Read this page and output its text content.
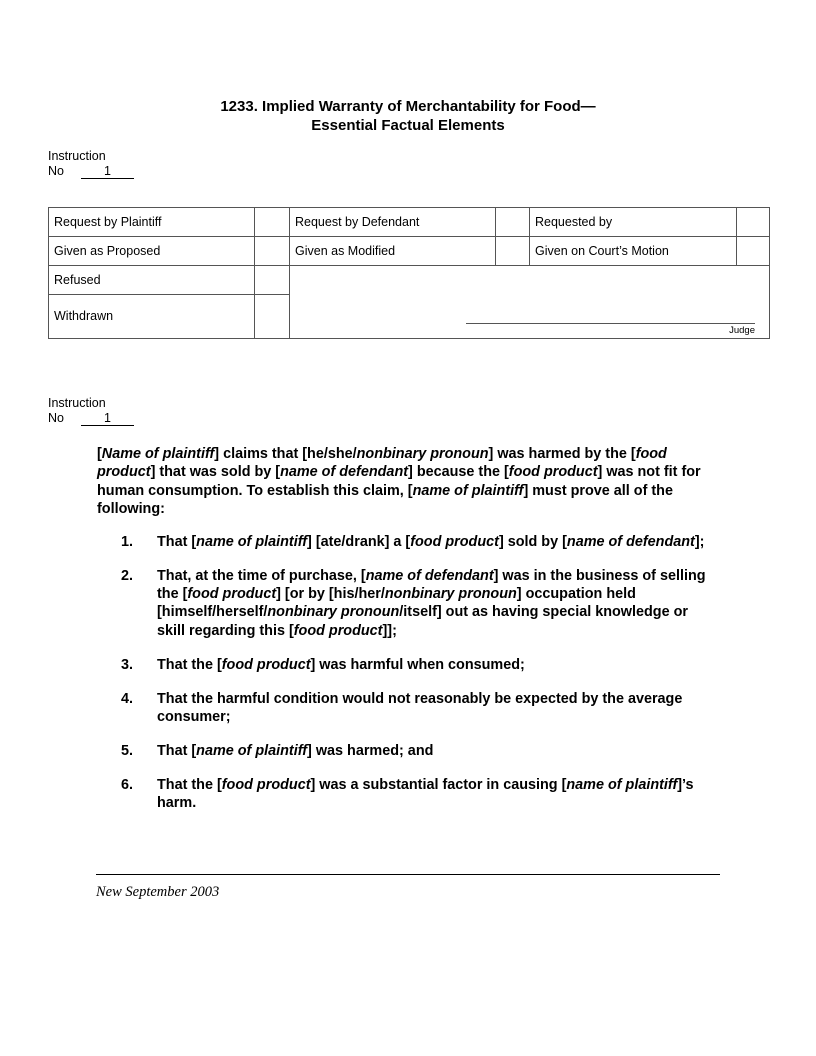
1233. Implied Warranty of Merchantability for Food—
Essential Factual Elements
Instruction
No	1
Request by Plaintiff		Request by Defendant		Requested by	
Given as Proposed		Given as Modified		Given on Court’s Motion	
Refused		Judge			

Withdrawn					
Instruction
No	1

[Name of plaintiff] claims that [he/she/nonbinary pronoun] was harmed by the [food product] that was sold by [name of defendant] because the [food product] was not fit for human consumption. To establish this claim, [name of plaintiff] must prove all of the following:

1.	That [name of plaintiff] [ate/drank] a [food product] sold by [name of defendant];
2.	That, at the time of purchase, [name of defendant] was in the business of selling the [food product] [or by [his/her/nonbinary pronoun] occupation held [himself/herself/nonbinary pronoun/itself] out as having special knowledge or skill regarding this [food product]];
3.	That the [food product] was harmful when consumed;
4.	That the harmful condition would not reasonably be expected by the average consumer;
5.	That [name of plaintiff] was harmed; and
6.	That the [food product] was a substantial factor in causing [name of plaintiff]’s harm.
New September 2003
